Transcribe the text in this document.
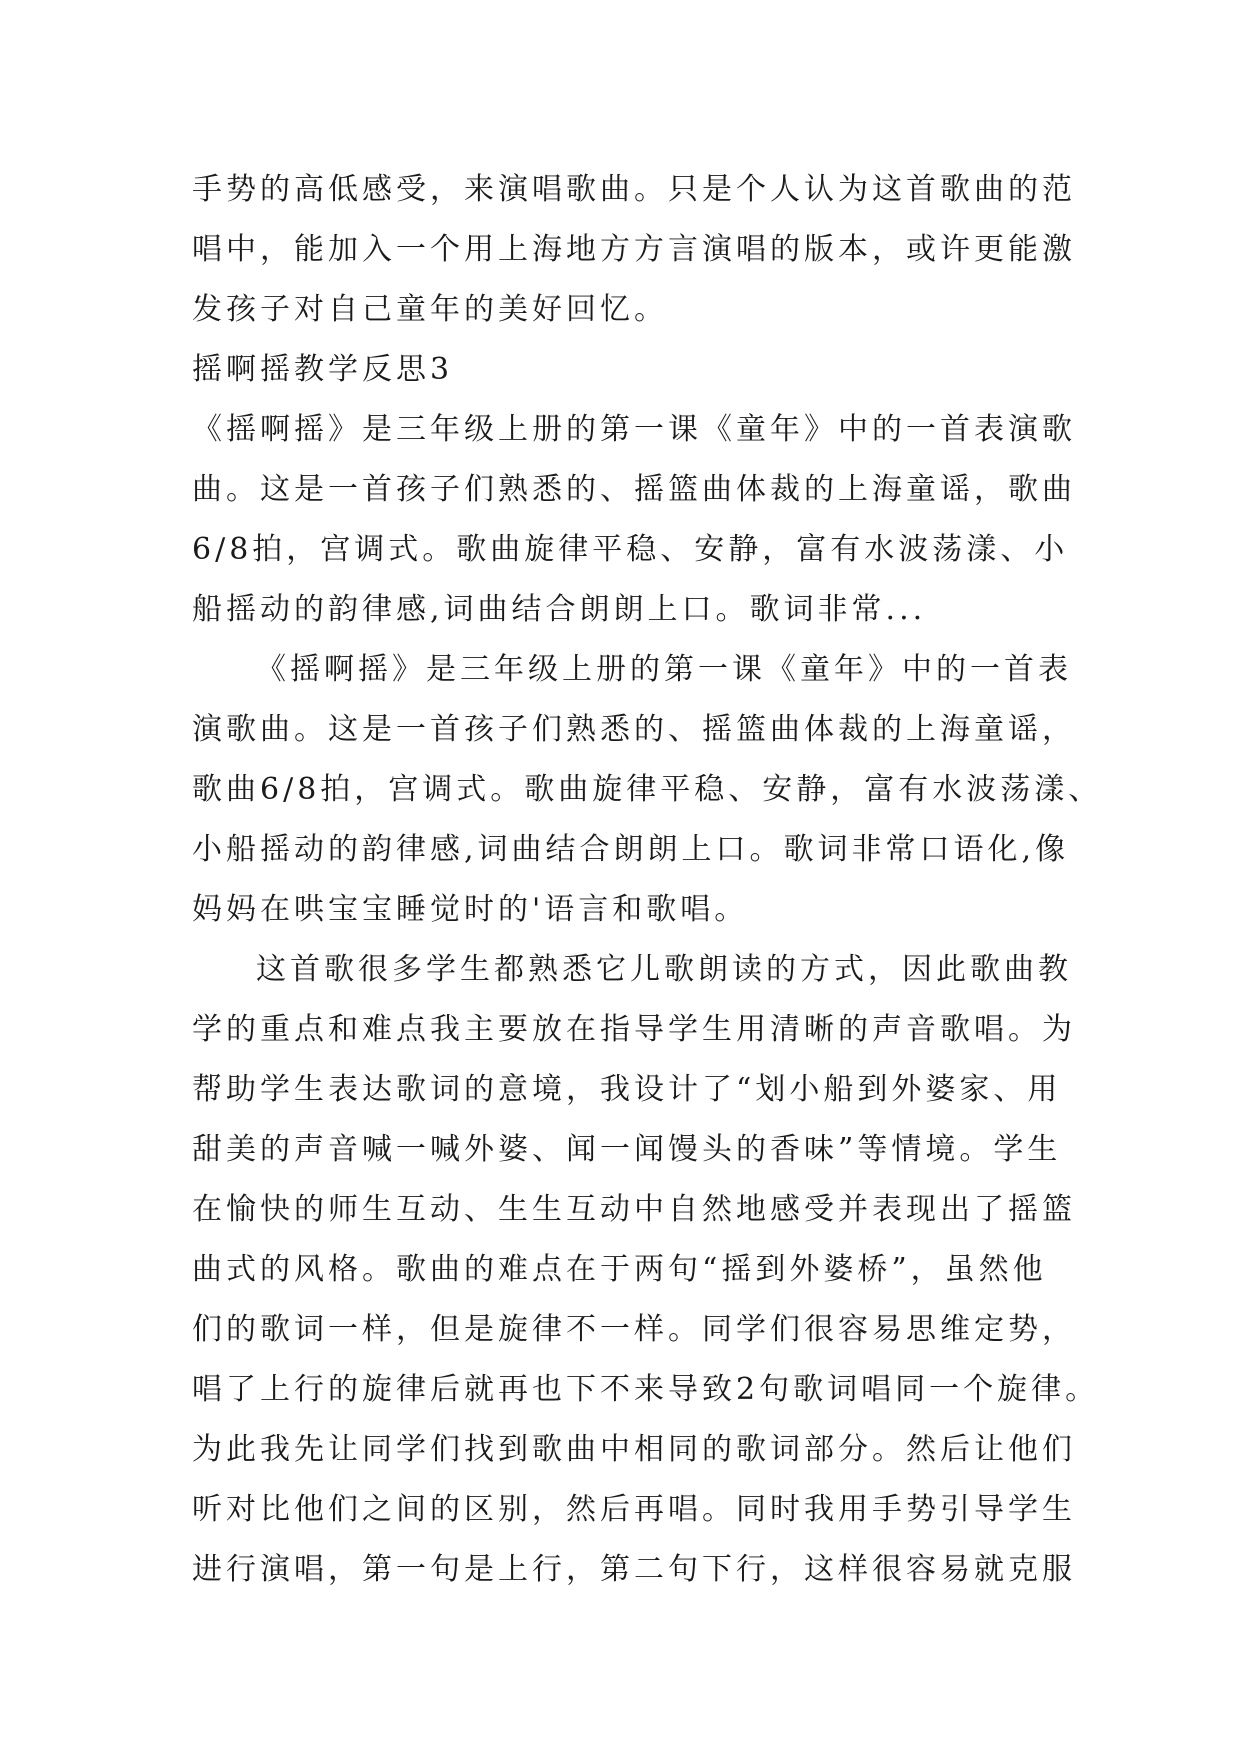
手势的高低感受，来演唱歌曲。只是个人认为这首歌曲的范
唱中，能加入一个用上海地方方言演唱的版本，或许更能激
发孩子对自己童年的美好回忆。
摇啊摇教学反思3
《摇啊摇》是三年级上册的第一课《童年》中的一首表演歌
曲。这是一首孩子们熟悉的、摇篮曲体裁的上海童谣，歌曲
6/8拍，宫调式。歌曲旋律平稳、安静，富有水波荡漾、小
船摇动的韵律感,词曲结合朗朗上口。歌词非常...
《摇啊摇》是三年级上册的第一课《童年》中的一首表
演歌曲。这是一首孩子们熟悉的、摇篮曲体裁的上海童谣，
歌曲6/8拍，宫调式。歌曲旋律平稳、安静，富有水波荡漾、
小船摇动的韵律感,词曲结合朗朗上口。歌词非常口语化,像
妈妈在哄宝宝睡觉时的'语言和歌唱。
这首歌很多学生都熟悉它儿歌朗读的方式，因此歌曲教
学的重点和难点我主要放在指导学生用清晰的声音歌唱。为
帮助学生表达歌词的意境，我设计了“划小船到外婆家、用
甜美的声音喊一喊外婆、闻一闻馒头的香味”等情境。学生
在愉快的师生互动、生生互动中自然地感受并表现出了摇篮
曲式的风格。歌曲的难点在于两句“摇到外婆桥”，虽然他
们的歌词一样，但是旋律不一样。同学们很容易思维定势，
唱了上行的旋律后就再也下不来导致2句歌词唱同一个旋律。
为此我先让同学们找到歌曲中相同的歌词部分。然后让他们
听对比他们之间的区别，然后再唱。同时我用手势引导学生
进行演唱，第一句是上行，第二句下行，这样很容易就克服
